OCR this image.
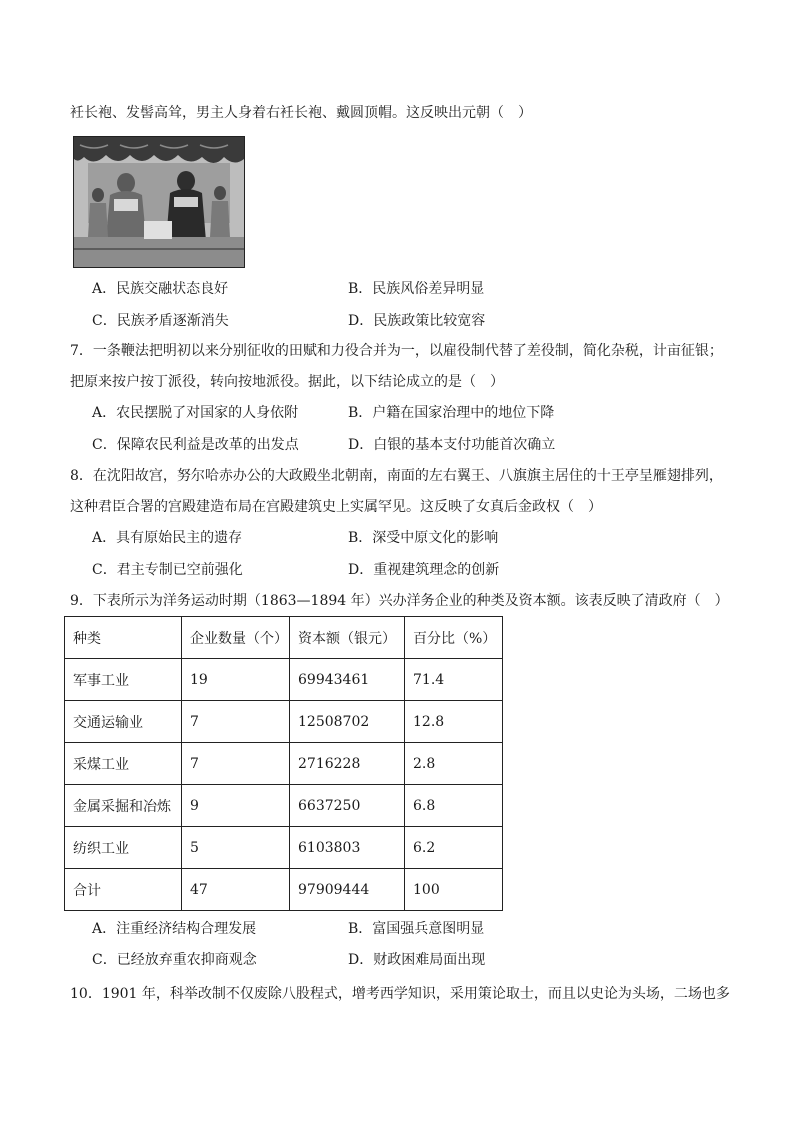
衽长袍、发髻高耸，男主人身着右衽长袍、戴圆顶帽。这反映出元朝（　）
A．民族交融状态良好	B．民族风俗差异明显
C．民族矛盾逐渐消失	D．民族政策比较宽容
7．一条鞭法把明初以来分别征收的田赋和力役合并为一，以雇役制代替了差役制，简化杂税，计亩征银；
把原来按户按丁派役，转向按地派役。据此，以下结论成立的是（　）
A．农民摆脱了对国家的人身依附	B．户籍在国家治理中的地位下降
C．保障农民利益是改革的出发点	D．白银的基本支付功能首次确立
8．在沈阳故宫，努尔哈赤办公的大政殿坐北朝南，南面的左右翼王、八旗旗主居住的十王亭呈雁翅排列，
这种君臣合署的宫殿建造布局在宫殿建筑史上实属罕见。这反映了女真后金政权（　）
A．具有原始民主的遗存	B．深受中原文化的影响
C．君主专制已空前强化	D．重视建筑理念的创新
9．下表所示为洋务运动时期（1863—1894 年）兴办洋务企业的种类及资本额。该表反映了清政府（　）
种类	企业数量（个）	资本额（银元）	百分比（%）
军事工业	19	69943461	71.4
交通运输业	7	12508702	12.8
采煤工业	7	2716228	2.8
金属采掘和冶炼	9	6637250	6.8
纺织工业	5	6103803	6.2
合计	47	97909444	100
A．注重经济结构合理发展	B．富国强兵意图明显
C．已经放弃重农抑商观念	D．财政困难局面出现
10．1901 年，科举改制不仅废除八股程式，增考西学知识，采用策论取士，而且以史论为头场，二场也多
